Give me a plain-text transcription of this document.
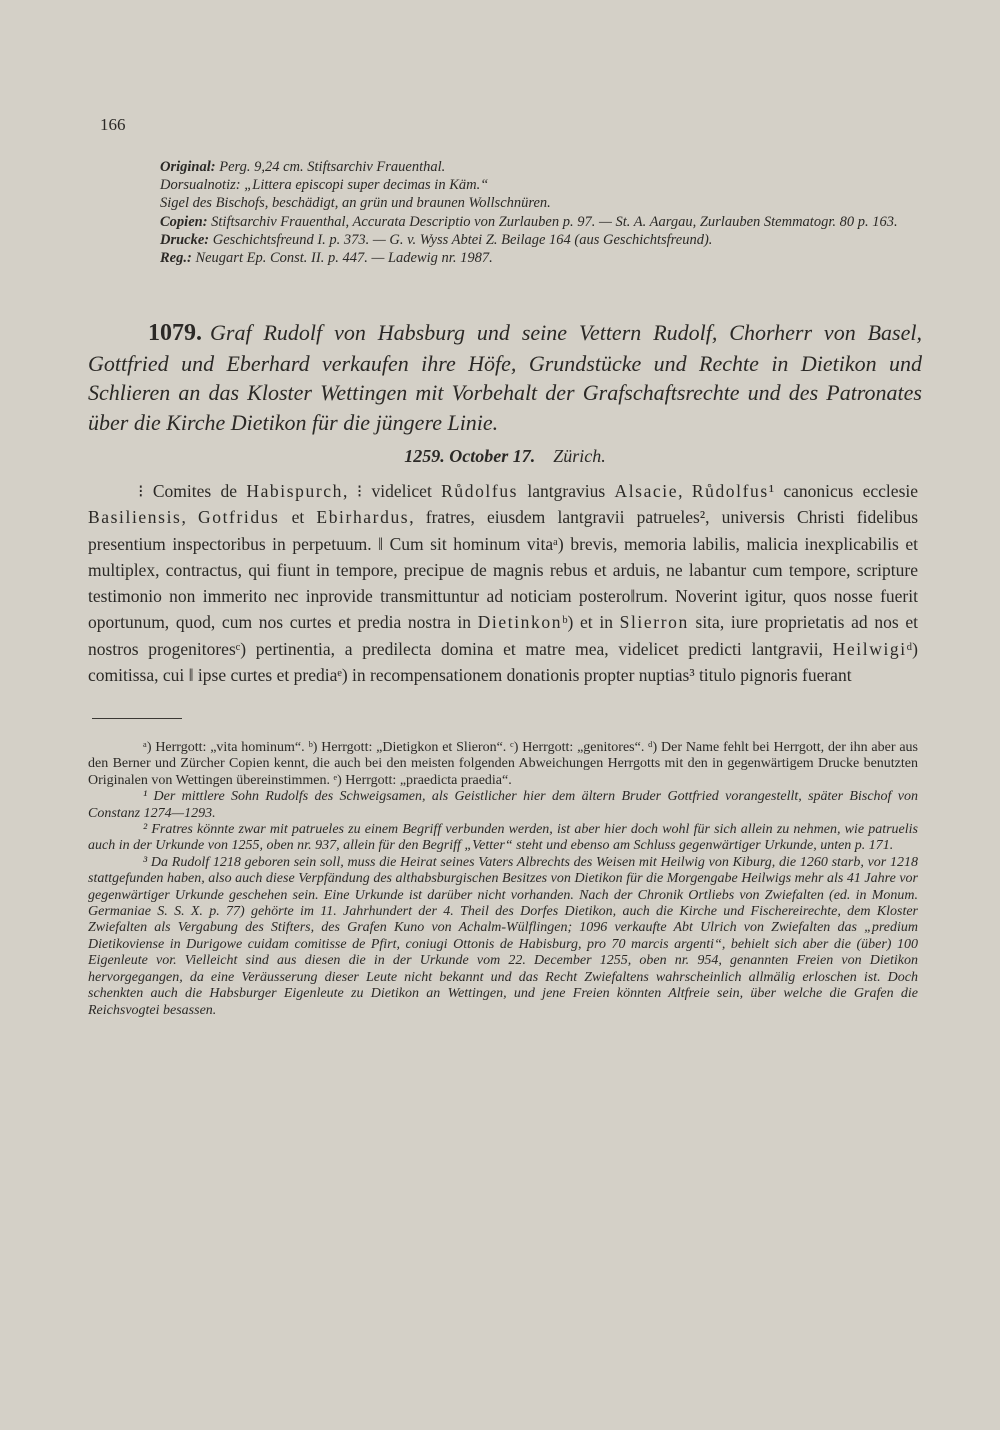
166

Original: Perg. 9,24 cm. Stiftsarchiv Frauenthal.

Dorsualnotiz: „Littera episcopi super decimas in Käm.“

Sigel des Bischofs, beschädigt, an grün und braunen Wollschnüren.

Copien: Stiftsarchiv Frauenthal, Accurata Descriptio von Zurlauben p. 97. — St. A. Aargau, Zurlauben Stemmatogr. 80 p. 163.

Drucke: Geschichtsfreund I. p. 373. — G. v. Wyss Abtei Z. Beilage 164 (aus Geschichtsfreund).

Reg.: Neugart Ep. Const. II. p. 447. — Ladewig nr. 1987.

1079. Graf Rudolf von Habsburg und seine Vettern Rudolf, Chorherr von Basel, Gottfried und Eberhard verkaufen ihre Höfe, Grundstücke und Rechte in Dietikon und Schlieren an das Kloster Wettingen mit Vorbehalt der Grafschaftsrechte und des Patronates über die Kirche Dietikon für die jüngere Linie.
1259. October 17. Zürich.

⁝ Comites de Habispurch, ⁝ videlicet Růdolfus lantgravius Alsacie, Růdolfus¹ canonicus ecclesie Basiliensis, Gotfridus et Ebirhardus, fratres, eiusdem lantgravii patrueles², universis Christi fidelibus presentium inspectoribus in perpetuum. ‖ Cum sit hominum vitaᵃ) brevis, memoria labilis, malicia inexplicabilis et multiplex, contractus, qui fiunt in tempore, precipue de magnis rebus et arduis, ne labantur cum tempore, scripture testimonio non immerito nec inprovide transmittuntur ad noticiam postero‖rum. Noverint igitur, quos nosse fuerit oportunum, quod, cum nos curtes et predia nostra in Dietinkonᵇ) et in Slierron sita, iure proprietatis ad nos et nostros progenitoresᶜ) pertinentia, a predilecta domina et matre mea, videlicet predicti lantgravii, Heilwigiᵈ) comitissa, cui ‖ ipse curtes et prediaᵉ) in recompensationem donationis propter nuptias³ titulo pignoris fuerant

ᵃ) Herrgott: „vita hominum“. ᵇ) Herrgott: „Dietigkon et Slieron“. ᶜ) Herrgott: „genitores“. ᵈ) Der Name fehlt bei Herrgott, der ihn aber aus den Berner und Zürcher Copien kennt, die auch bei den meisten folgenden Abweichungen Herrgotts mit den in gegenwärtigem Drucke benutzten Originalen von Wettingen übereinstimmen. ᵉ) Herrgott: „praedicta praedia“.

¹ Der mittlere Sohn Rudolfs des Schweigsamen, als Geistlicher hier dem ältern Bruder Gottfried vorangestellt, später Bischof von Constanz 1274—1293.

² Fratres könnte zwar mit patrueles zu einem Begriff verbunden werden, ist aber hier doch wohl für sich allein zu nehmen, wie patruelis auch in der Urkunde von 1255, oben nr. 937, allein für den Begriff „Vetter“ steht und ebenso am Schluss gegenwärtiger Urkunde, unten p. 171.

³ Da Rudolf 1218 geboren sein soll, muss die Heirat seines Vaters Albrechts des Weisen mit Heilwig von Kiburg, die 1260 starb, vor 1218 stattgefunden haben, also auch diese Verpfändung des althabsburgischen Besitzes von Dietikon für die Morgengabe Heilwigs mehr als 41 Jahre vor gegenwärtiger Urkunde geschehen sein. Eine Urkunde ist darüber nicht vorhanden. Nach der Chronik Ortliebs von Zwiefalten (ed. in Monum. Germaniae S. S. X. p. 77) gehörte im 11. Jahrhundert der 4. Theil des Dorfes Dietikon, auch die Kirche und Fischereirechte, dem Kloster Zwiefalten als Vergabung des Stifters, des Grafen Kuno von Achalm-Wülflingen; 1096 verkaufte Abt Ulrich von Zwiefalten das „predium Dietikoviense in Durigowe cuidam comitisse de Pfirt, coniugi Ottonis de Habisburg, pro 70 marcis argenti“, behielt sich aber die (über) 100 Eigenleute vor. Vielleicht sind aus diesen die in der Urkunde vom 22. December 1255, oben nr. 954, genannten Freien von Dietikon hervorgegangen, da eine Veräusserung dieser Leute nicht bekannt und das Recht Zwiefaltens wahrscheinlich allmälig erloschen ist. Doch schenkten auch die Habsburger Eigenleute zu Dietikon an Wettingen, und jene Freien könnten Altfreie sein, über welche die Grafen die Reichsvogtei besassen.
